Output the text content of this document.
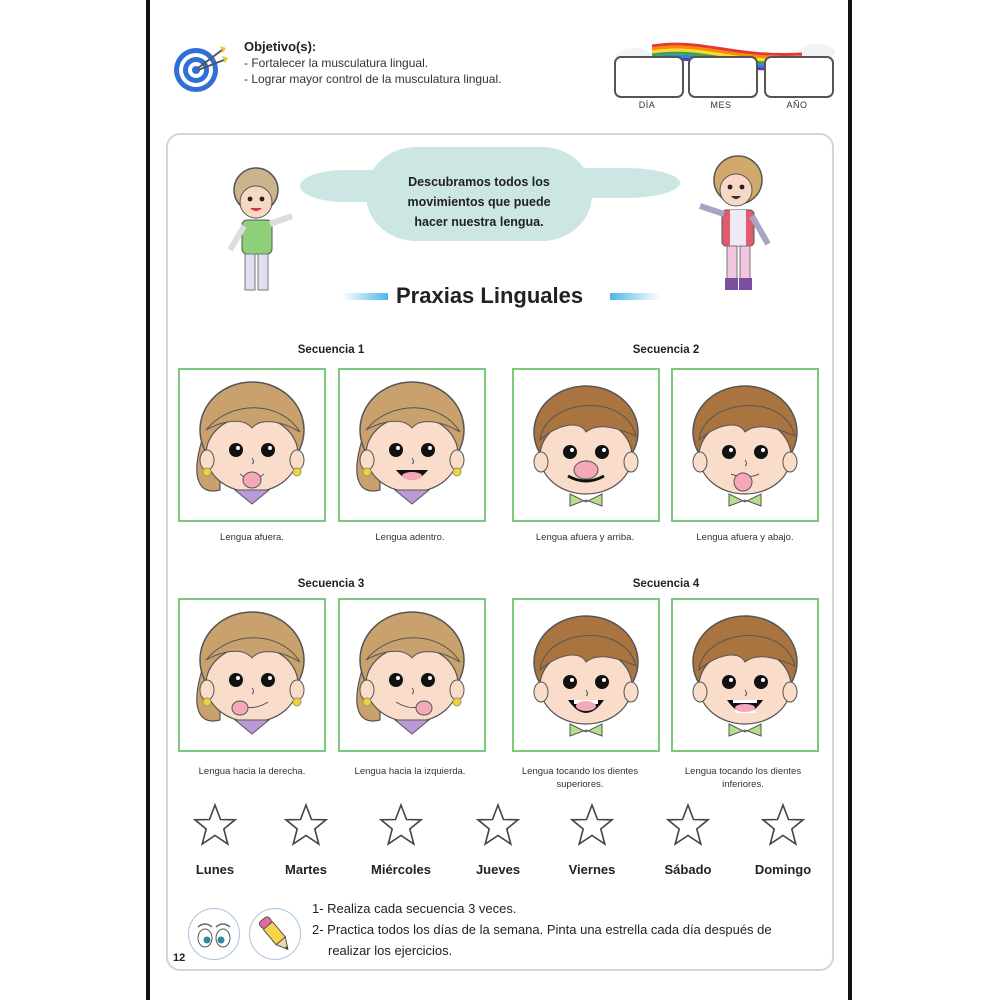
Objetivo(s):
- Fortalecer la musculatura lingual.
- Lograr mayor control de la musculatura lingual.
DÍA	MES	AÑO
Descubramos todos los
movimientos que puede
hacer nuestra lengua.
Praxias Linguales
Secuencia 1	Secuencia 2
Secuencia 3	Secuencia 4
Lengua afuera.	Lengua adentro.	Lengua afuera y arriba.	Lengua afuera y abajo.
Lengua hacia la derecha.	Lengua hacia la izquierda.	Lengua tocando los dientes superiores.
Lengua tocando los dientes inferiores.
Lunes	Martes	Miércoles	Jueves	Viernes	Sábado	Domingo
12
1- Realiza cada secuencia 3 veces.
2- Practica todos los días de la semana. Pinta una estrella cada día después de
realizar los ejercicios.
